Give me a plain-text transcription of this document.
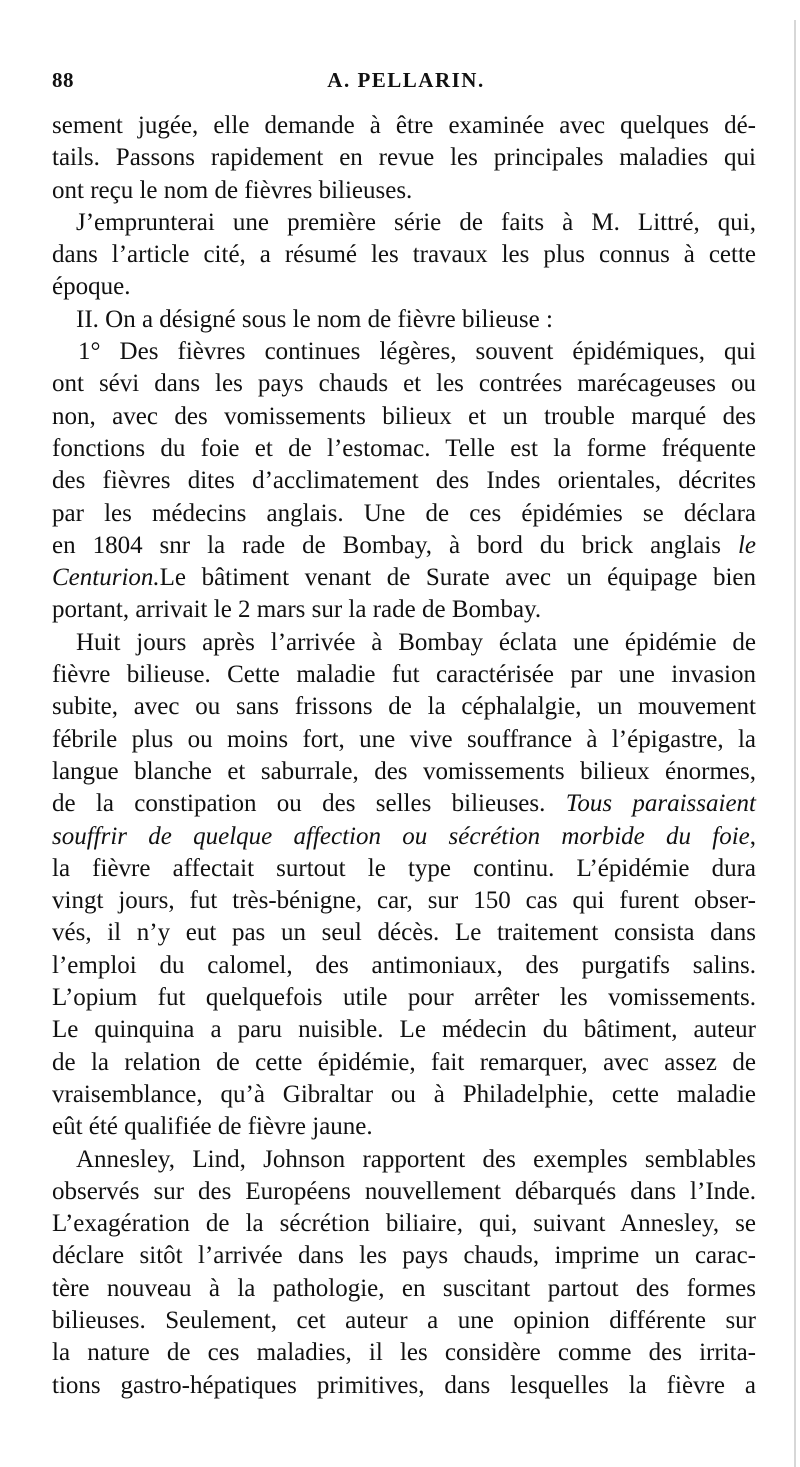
88	A. PELLARIN.
sement jugée, elle demande à être examinée avec quelques dé-
tails. Passons rapidement en revue les principales maladies qui
ont reçu le nom de fièvres bilieuses.
J’emprunterai une première série de faits à M. Littré, qui,
dans l’article cité, a résumé les travaux les plus connus à cette
époque.
II. On a désigné sous le nom de fièvre bilieuse :
1° Des fièvres continues légères, souvent épidémiques, qui
ont sévi dans les pays chauds et les contrées marécageuses ou
non, avec des vomissements bilieux et un trouble marqué des
fonctions du foie et de l’estomac. Telle est la forme fréquente
des fièvres dites d’acclimatement des Indes orientales, décrites
par les médecins anglais. Une de ces épidémies se déclara
en 1804 snr la rade de Bombay, à bord du brick anglais le
Centurion.Le bâtiment venant de Surate avec un équipage bien
portant, arrivait le 2 mars sur la rade de Bombay.
Huit jours après l’arrivée à Bombay éclata une épidémie de
fièvre bilieuse. Cette maladie fut caractérisée par une invasion
subite, avec ou sans frissons de la céphalalgie, un mouvement
fébrile plus ou moins fort, une vive souffrance à l’épigastre, la
langue blanche et saburrale, des vomissements bilieux énormes,
de la constipation ou des selles bilieuses. Tous paraissaient
souffrir de quelque affection ou sécrétion morbide du foie,
la fièvre affectait surtout le type continu. L’épidémie dura
vingt jours, fut très-bénigne, car, sur 150 cas qui furent obser-
vés, il n’y eut pas un seul décès. Le traitement consista dans
l’emploi du calomel, des antimoniaux, des purgatifs salins.
L’opium fut quelquefois utile pour arrêter les vomissements.
Le quinquina a paru nuisible. Le médecin du bâtiment, auteur
de la relation de cette épidémie, fait remarquer, avec assez de
vraisemblance, qu’à Gibraltar ou à Philadelphie, cette maladie
eût été qualifiée de fièvre jaune.
Annesley, Lind, Johnson rapportent des exemples semblables
observés sur des Européens nouvellement débarqués dans l’Inde.
L’exagération de la sécrétion biliaire, qui, suivant Annesley, se
déclare sitôt l’arrivée dans les pays chauds, imprime un carac-
tère nouveau à la pathologie, en suscitant partout des formes
bilieuses. Seulement, cet auteur a une opinion différente sur
la nature de ces maladies, il les considère comme des irrita-
tions gastro-hépatiques primitives, dans lesquelles la fièvre a
